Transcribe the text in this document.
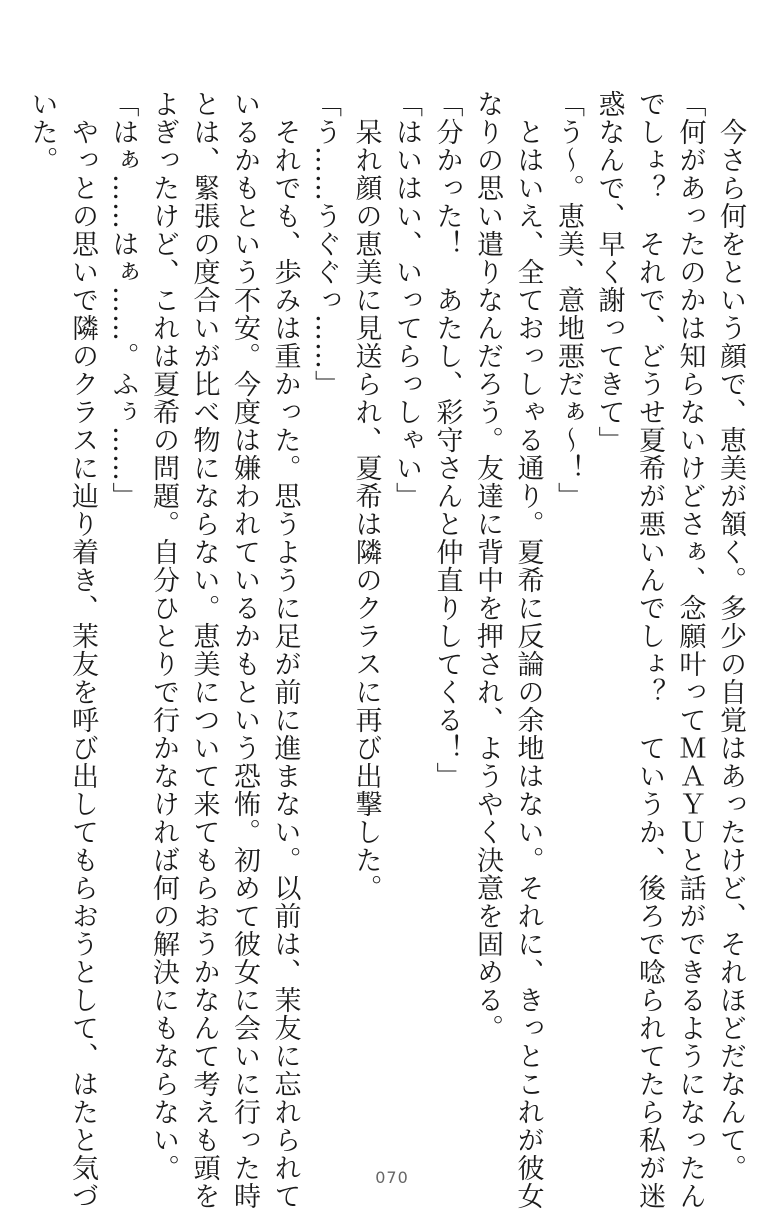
　今さら何をという顔で、恵美が頷く。多少の自覚はあったけど、それほどだなんて。

「何があったのかは知らないけどさぁ、念願叶ってＭＡＹＵと話ができるようになったん

でしょ？　それで、どうせ夏希が悪いんでしょ？　ていうか、後ろで唸られてたら私が迷

惑なんで、早く謝ってきて」

「う〜。恵美、意地悪だぁ〜！」

　とはいえ、全ておっしゃる通り。夏希に反論の余地はない。それに、きっとこれが彼女

なりの思い遣りなんだろう。友達に背中を押され、ようやく決意を固める。

「分かった！　あたし、彩守さんと仲直りしてくる！」

「はいはい、いってらっしゃい」

　呆れ顔の恵美に見送られ、夏希は隣のクラスに再び出撃した。

「う……うぐぐっ……」

　それでも、歩みは重かった。思うように足が前に進まない。以前は、茉友に忘れられて

いるかもという不安。今度は嫌われているかもという恐怖。初めて彼女に会いに行った時

とは、緊張の度合いが比べ物にならない。恵美について来てもらおうかなんて考えも頭を

よぎったけど、これは夏希の問題。自分ひとりで行かなければ何の解決にもならない。

「はぁ……はぁ……。ふぅ……」

　やっとの思いで隣のクラスに辿り着き、茉友を呼び出してもらおうとして、はたと気づ

いた。

070
